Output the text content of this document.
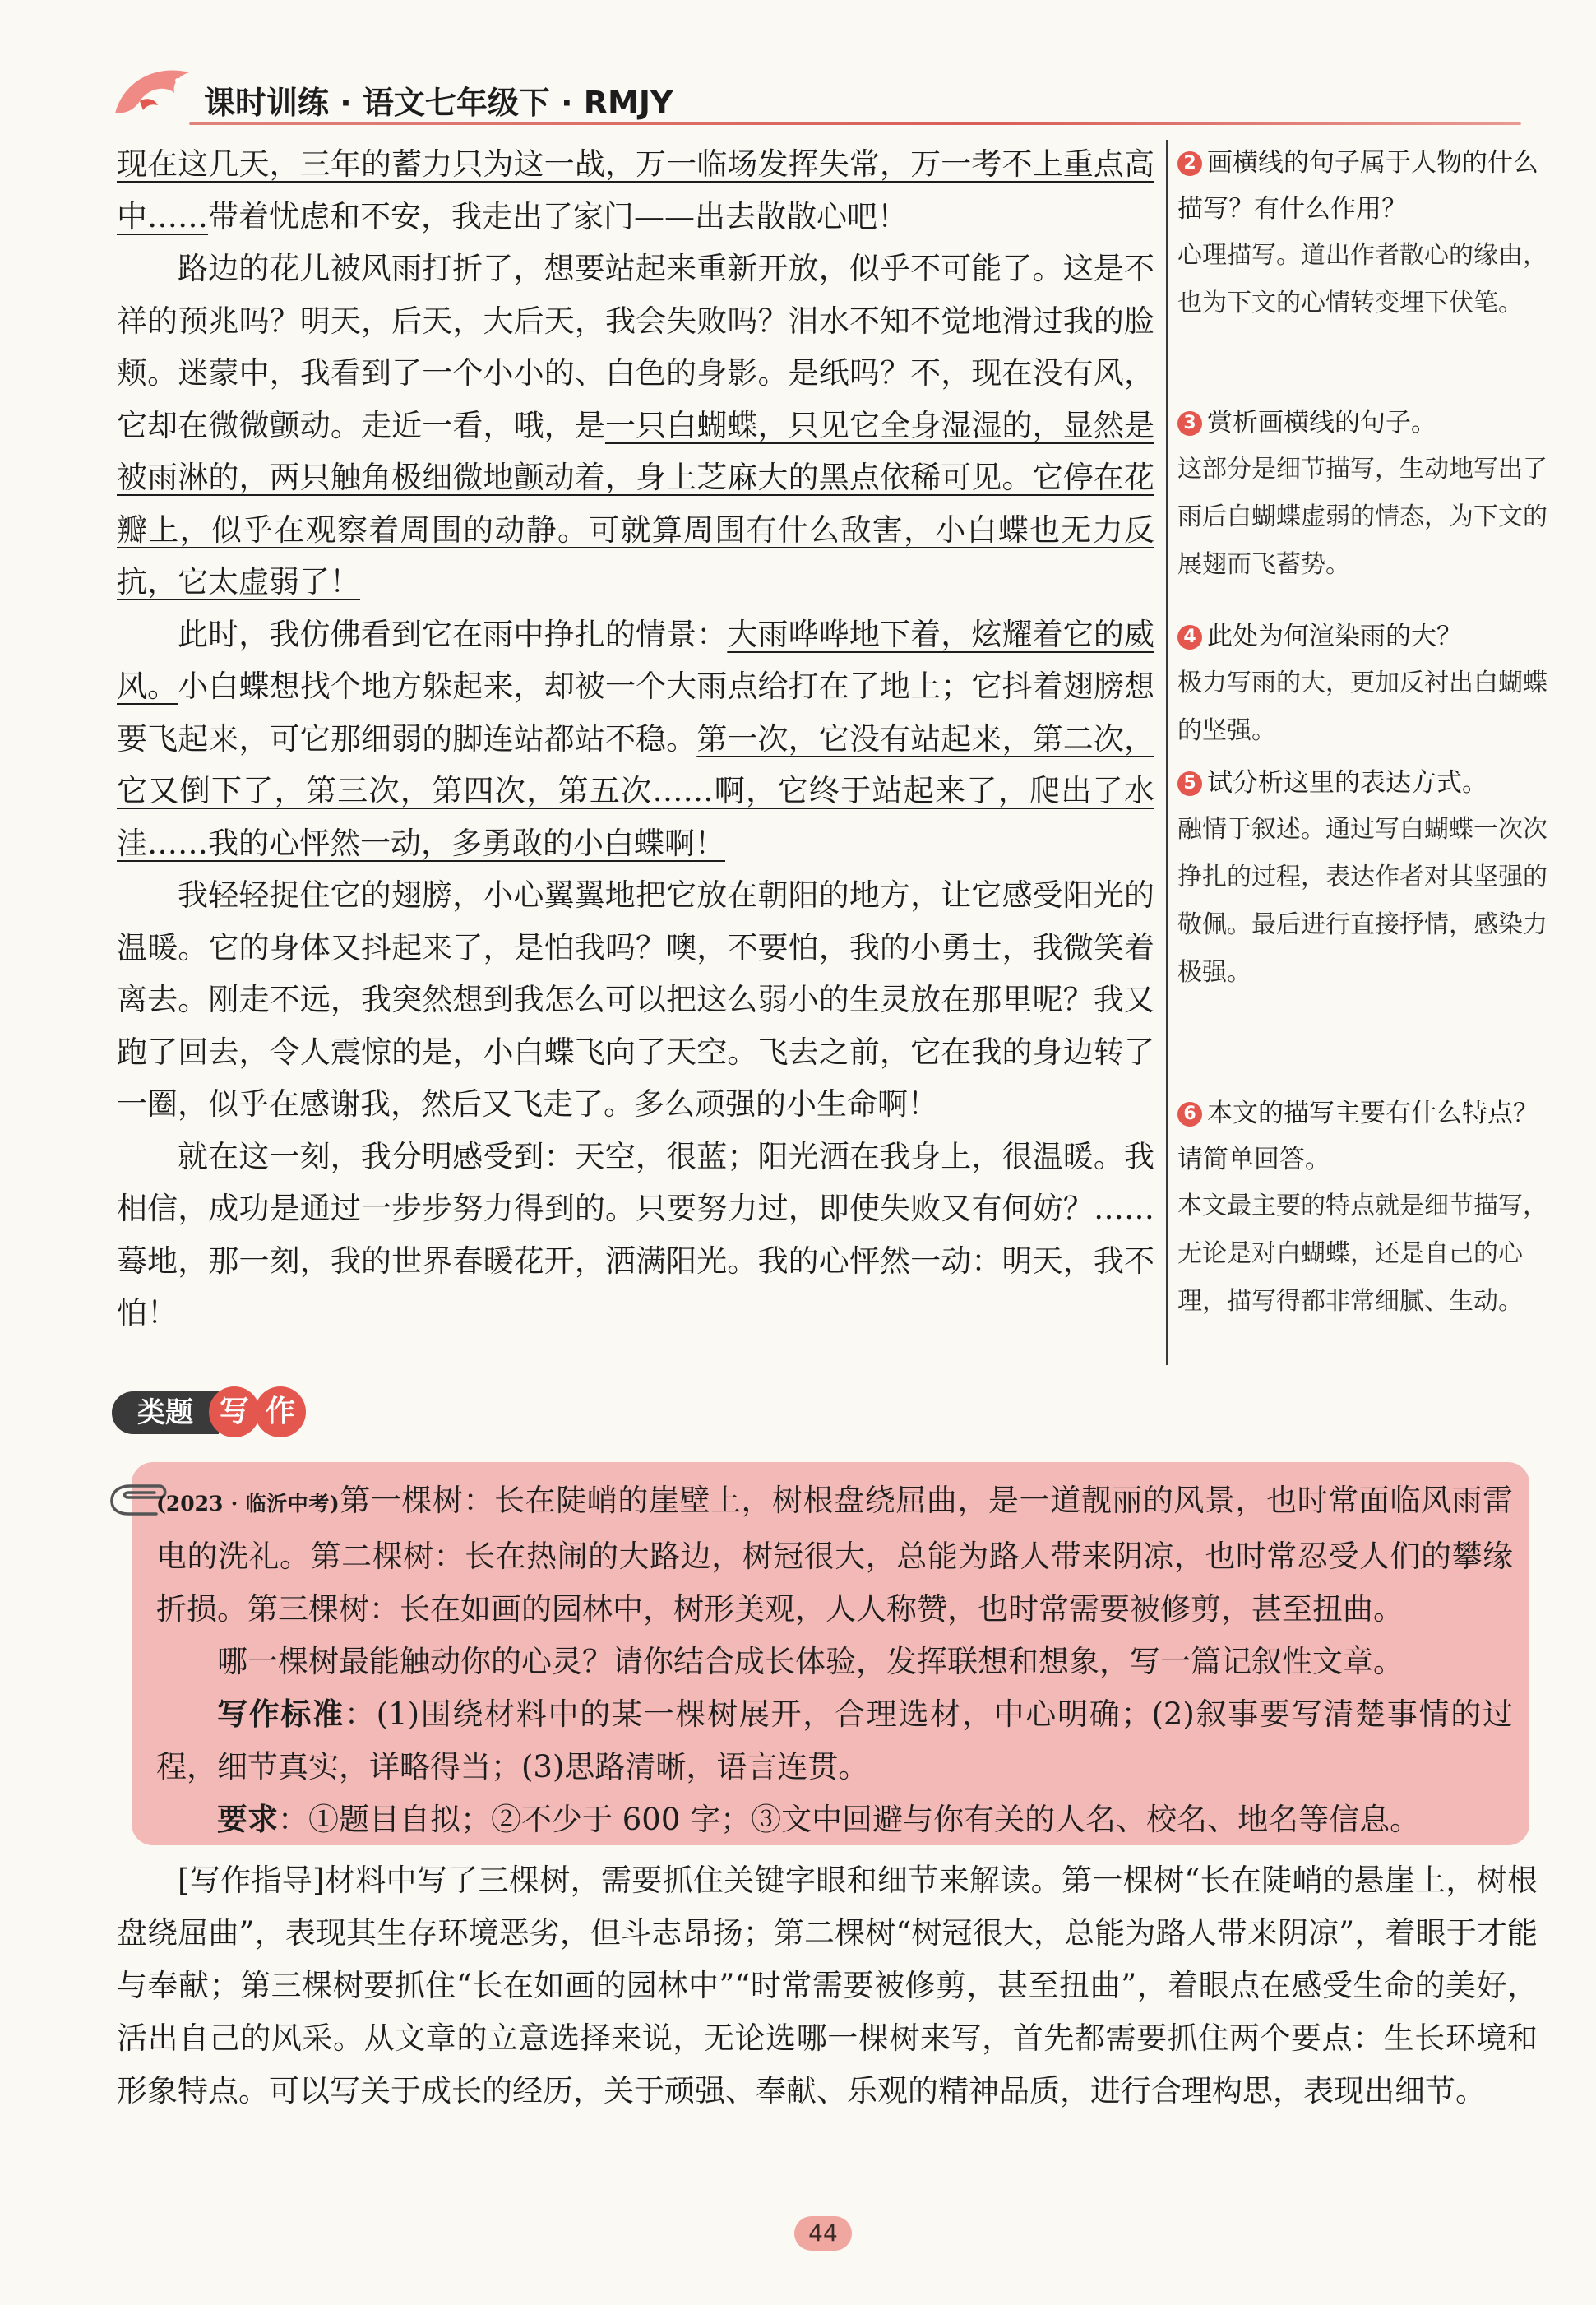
课时训练 · 语文七年级下 · RMJY

现在这几天，三年的蓄力只为这一战，万一临场发挥失常，万一考不上重点高中……带着忧虑和不安，我走出了家门——出去散散心吧！

路边的花儿被风雨打折了，想要站起来重新开放，似乎不可能了。这是不祥的预兆吗？明天，后天，大后天，我会失败吗？泪水不知不觉地滑过我的脸颊。迷蒙中，我看到了一个小小的、白色的身影。是纸吗？不，现在没有风，它却在微微颤动。走近一看，哦，是一只白蝴蝶，只见它全身湿湿的，显然是被雨淋的，两只触角极细微地颤动着，身上芝麻大的黑点依稀可见。它停在花瓣上，似乎在观察着周围的动静。可就算周围有什么敌害，小白蝶也无力反抗，它太虚弱了！

此时，我仿佛看到它在雨中挣扎的情景：大雨哗哗地下着，炫耀着它的威风。小白蝶想找个地方躲起来，却被一个大雨点给打在了地上；它抖着翅膀想要飞起来，可它那细弱的脚连站都站不稳。第一次，它没有站起来，第二次，它又倒下了，第三次，第四次，第五次……啊，它终于站起来了，爬出了水洼……我的心怦然一动，多勇敢的小白蝶啊！

我轻轻捉住它的翅膀，小心翼翼地把它放在朝阳的地方，让它感受阳光的温暖。它的身体又抖起来了，是怕我吗？噢，不要怕，我的小勇士，我微笑着离去。刚走不远，我突然想到我怎么可以把这么弱小的生灵放在那里呢？我又跑了回去，令人震惊的是，小白蝶飞向了天空。飞去之前，它在我的身边转了一圈，似乎在感谢我，然后又飞走了。多么顽强的小生命啊！

就在这一刻，我分明感受到：天空，很蓝；阳光洒在我身上，很温暖。我相信，成功是通过一步步努力得到的。只要努力过，即使失败又有何妨？……蓦地，那一刻，我的世界春暖花开，洒满阳光。我的心怦然一动：明天，我不怕！

2 画横线的句子属于人物的什么描写？有什么作用？
心理描写。道出作者散心的缘由，也为下文的心情转变埋下伏笔。
3 赏析画横线的句子。
这部分是细节描写，生动地写出了雨后白蝴蝶虚弱的情态，为下文的展翅而飞蓄势。
4 此处为何渲染雨的大？
极力写雨的大，更加反衬出白蝴蝶的坚强。
5 试分析这里的表达方式。
融情于叙述。通过写白蝴蝶一次次挣扎的过程，表达作者对其坚强的敬佩。最后进行直接抒情，感染力极强。
6 本文的描写主要有什么特点？请简单回答。
本文最主要的特点就是细节描写，无论是对白蝴蝶，还是自己的心理，描写得都非常细腻、生动。
类题 写 作

(2023 · 临沂中考)第一棵树：长在陡峭的崖壁上，树根盘绕屈曲，是一道靓丽的风景，也时常面临风雨雷电的洗礼。第二棵树：长在热闹的大路边，树冠很大，总能为路人带来阴凉，也时常忍受人们的攀缘折损。第三棵树：长在如画的园林中，树形美观，人人称赞，也时常需要被修剪，甚至扭曲。

哪一棵树最能触动你的心灵？请你结合成长体验，发挥联想和想象，写一篇记叙性文章。

写作标准：(1)围绕材料中的某一棵树展开，合理选材，中心明确；(2)叙事要写清楚事情的过程，细节真实，详略得当；(3)思路清晰，语言连贯。

要求：①题目自拟；②不少于 600 字；③文中回避与你有关的人名、校名、地名等信息。

[写作指导]材料中写了三棵树，需要抓住关键字眼和细节来解读。第一棵树“长在陡峭的悬崖上，树根盘绕屈曲”，表现其生存环境恶劣，但斗志昂扬；第二棵树“树冠很大，总能为路人带来阴凉”，着眼于才能与奉献；第三棵树要抓住“长在如画的园林中”“时常需要被修剪，甚至扭曲”，着眼点在感受生命的美好，活出自己的风采。从文章的立意选择来说，无论选哪一棵树来写，首先都需要抓住两个要点：生长环境和形象特点。可以写关于成长的经历，关于顽强、奉献、乐观的精神品质，进行合理构思，表现出细节。

44
